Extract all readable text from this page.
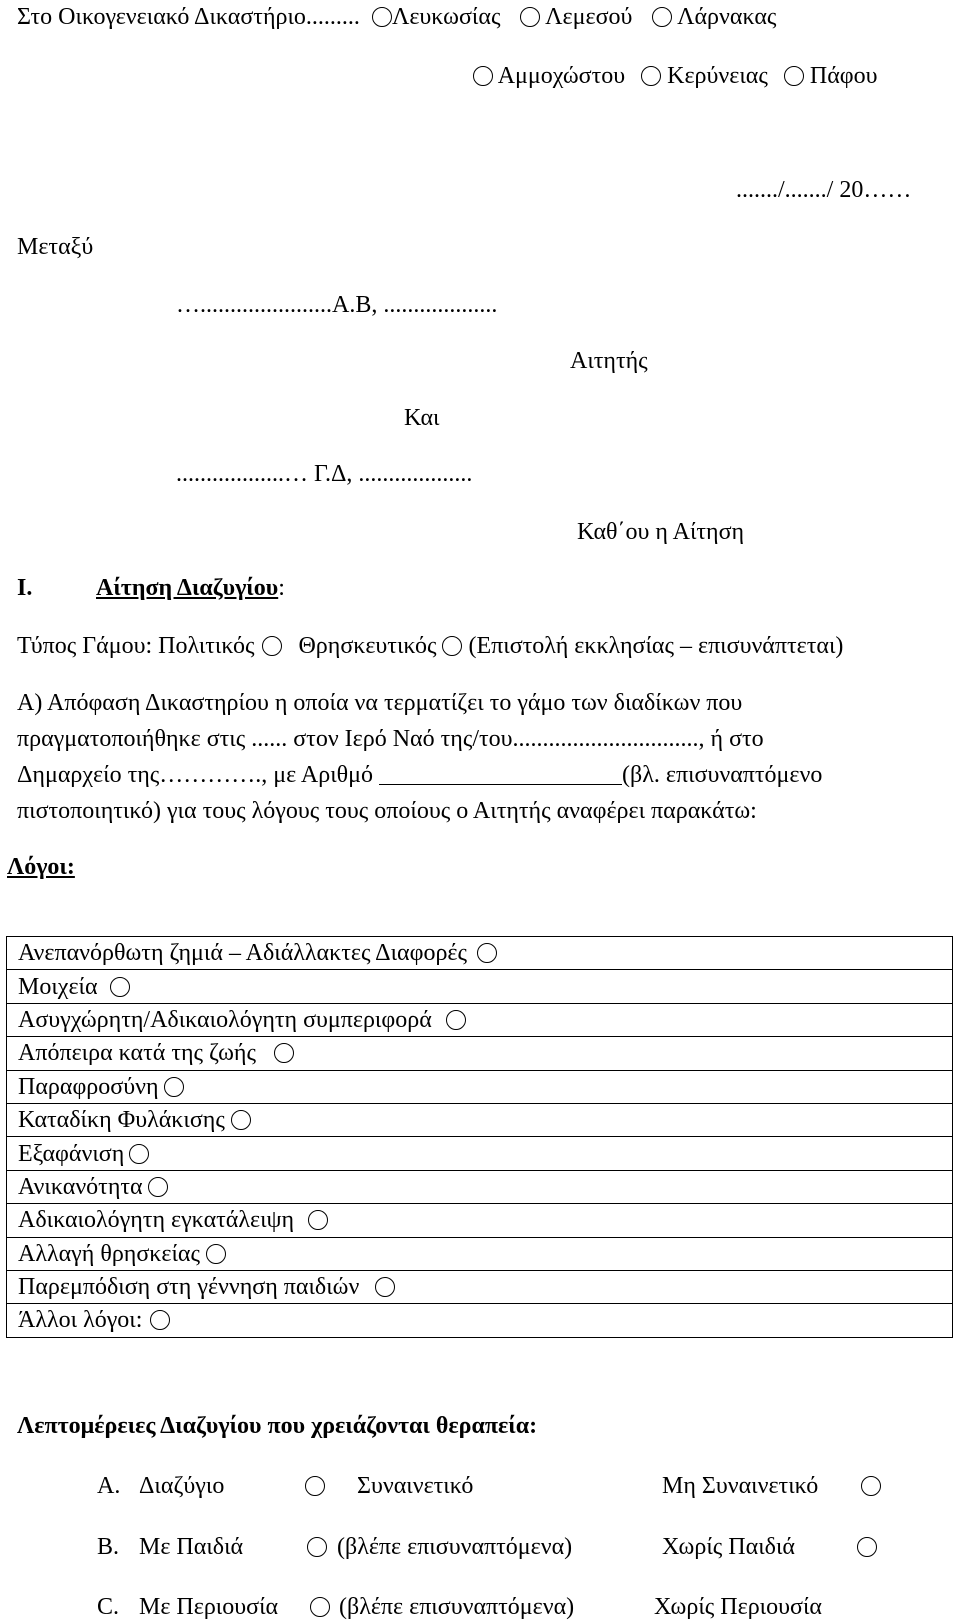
Στο Οικογενειακό Δικαστήριο......... Λευκωσίας Λεμεσού Λάρνακας
Αμμοχώστου Κερύνειας Πάφου
......./......./ 20……
Μεταξύ
…......................Α.Β, ...................
Αιτητής
Και
..................… Γ.Δ, ...................
Καθ΄ου η Αίτηση
Ι.	Αίτηση Διαζυγίου:
Τύπος Γάμου: Πολιτικός Θρησκευτικός (Επιστολή εκκλησίας – επισυνάπτεται)
Α) Απόφαση Δικαστηρίου η οποία να τερματίζει το γάμο των διαδίκων που
πραγματοποιήθηκε στις ...... στον Ιερό Ναό της/του..............................., ή στο
Δημαρχείο της…………., με Αριθμό	(βλ. επισυναπτόμενο
πιστοποιητικό) για τους λόγους τους οποίους ο Αιτητής αναφέρει παρακάτω:
Λόγοι:
Ανεπανόρθωτη ζημιά – Αδιάλλακτες Διαφορές
Μοιχεία
Ασυγχώρητη/Αδικαιολόγητη συμπεριφορά
Απόπειρα κατά της ζωής
Παραφροσύνη
Καταδίκη Φυλάκισης
Εξαφάνιση
Ανικανότητα
Αδικαιολόγητη εγκατάλειψη
Αλλαγή θρησκείας
Παρεμπόδιση στη γέννηση παιδιών
Άλλοι λόγοι:
Λεπτομέρειες Διαζυγίου που χρειάζονται θεραπεία:
Α. Διαζύγιο	Συναινετικό	Μη Συναινετικό
Β. Με Παιδιά	(βλέπε επισυναπτόμενα)	Χωρίς Παιδιά
C. Με Περιουσία	(βλέπε επισυναπτόμενα)	Χωρίς Περιουσία
